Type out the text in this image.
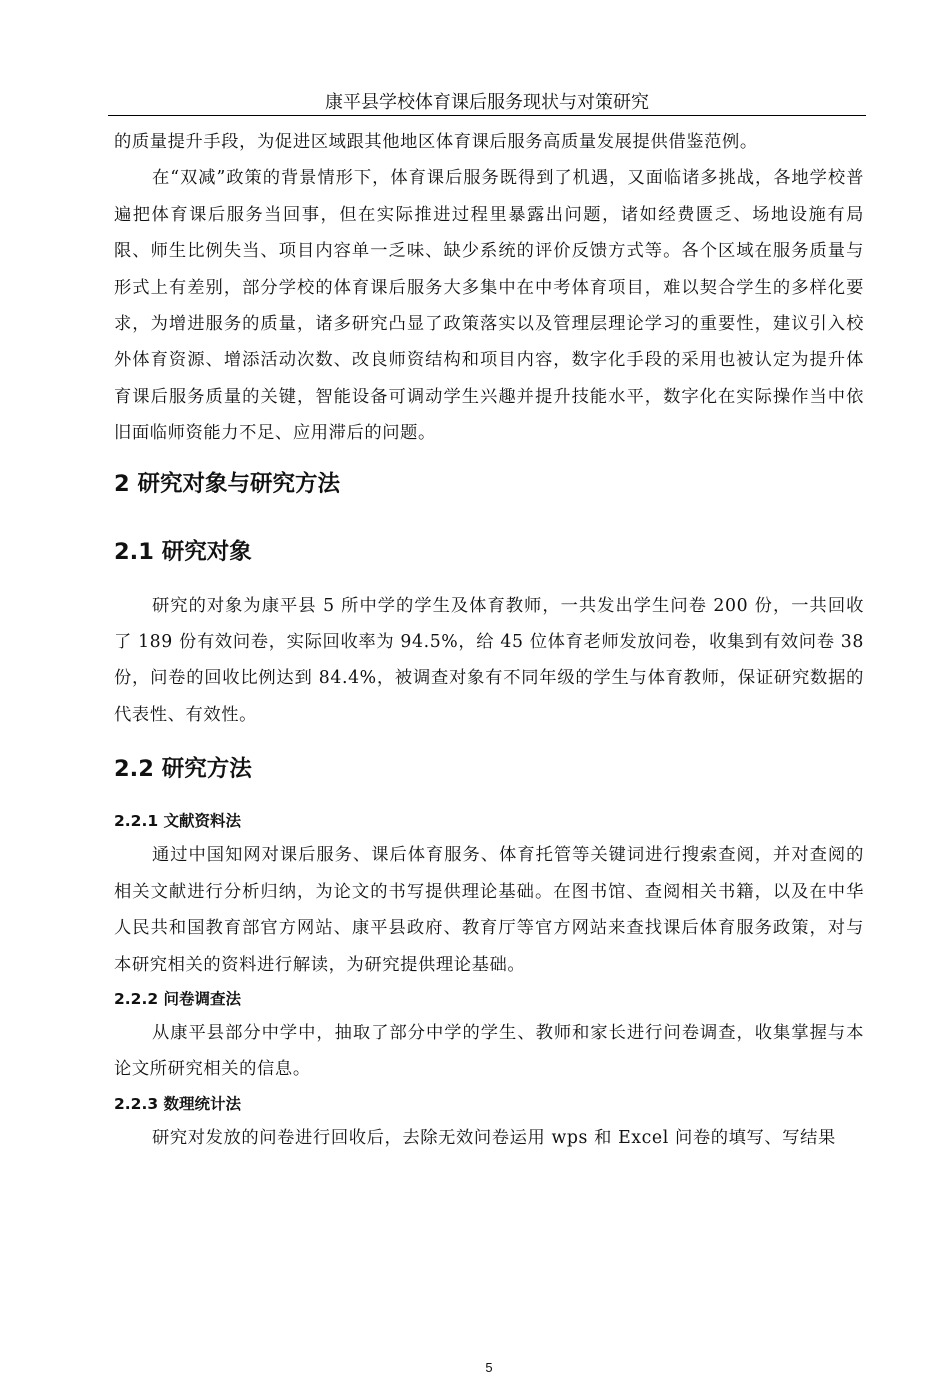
康平县学校体育课后服务现状与对策研究

的质量提升手段，为促进区域跟其他地区体育课后服务高质量发展提供借鉴范例。

在“双减”政策的背景情形下，体育课后服务既得到了机遇，又面临诸多挑战，各地学校普遍把体育课后服务当回事，但在实际推进过程里暴露出问题，诸如经费匮乏、场地设施有局限、师生比例失当、项目内容单一乏味、缺少系统的评价反馈方式等。各个区域在服务质量与形式上有差别，部分学校的体育课后服务大多集中在中考体育项目，难以契合学生的多样化要求，为增进服务的质量，诸多研究凸显了政策落实以及管理层理论学习的重要性，建议引入校外体育资源、增添活动次数、改良师资结构和项目内容，数字化手段的采用也被认定为提升体育课后服务质量的关键，智能设备可调动学生兴趣并提升技能水平，数字化在实际操作当中依旧面临师资能力不足、应用滞后的问题。

2 研究对象与研究方法
2.1 研究对象

研究的对象为康平县 5 所中学的学生及体育教师，一共发出学生问卷 200 份，一共回收了 189 份有效问卷，实际回收率为 94.5%，给 45 位体育老师发放问卷，收集到有效问卷 38 份，问卷的回收比例达到 84.4%，被调查对象有不同年级的学生与体育教师，保证研究数据的代表性、有效性。

2.2 研究方法
2.2.1 文献资料法

通过中国知网对课后服务、课后体育服务、体育托管等关键词进行搜索查阅，并对查阅的相关文献进行分析归纳，为论文的书写提供理论基础。在图书馆、查阅相关书籍，以及在中华人民共和国教育部官方网站、康平县政府、教育厅等官方网站来查找课后体育服务政策，对与本研究相关的资料进行解读，为研究提供理论基础。

2.2.2 问卷调查法

从康平县部分中学中，抽取了部分中学的学生、教师和家长进行问卷调查，收集掌握与本论文所研究相关的信息。

2.2.3 数理统计法

研究对发放的问卷进行回收后，去除无效问卷运用 wps 和 Excel 问卷的填写、写结果

5
